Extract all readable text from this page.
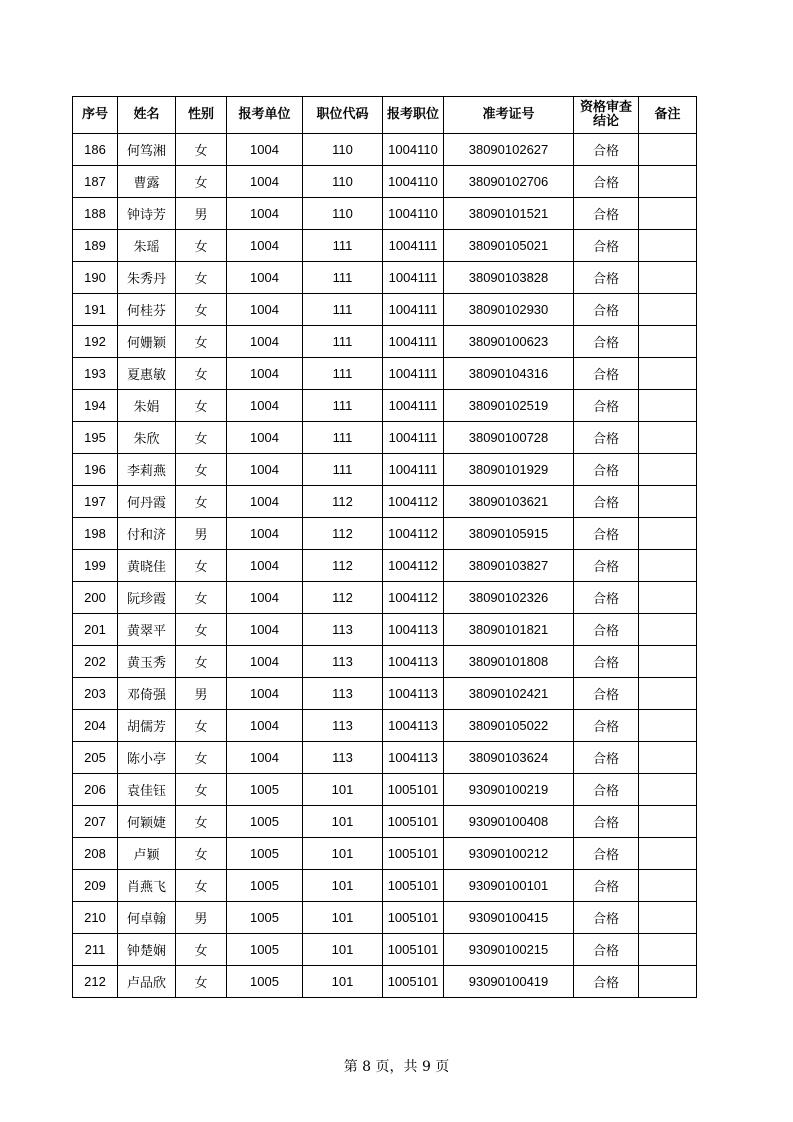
序号	姓名	性别	报考单位	职位代码	报考职位	准考证号	资格审查结论	备注
186	何笃湘	女	1004	110	1004110	38090102627	合格	
187	曹露	女	1004	110	1004110	38090102706	合格	
188	钟诗芳	男	1004	110	1004110	38090101521	合格	
189	朱瑶	女	1004	111	1004111	38090105021	合格	
190	朱秀丹	女	1004	111	1004111	38090103828	合格	
191	何桂芬	女	1004	111	1004111	38090102930	合格	
192	何姗颖	女	1004	111	1004111	38090100623	合格	
193	夏惠敏	女	1004	111	1004111	38090104316	合格	
194	朱娟	女	1004	111	1004111	38090102519	合格	
195	朱欣	女	1004	111	1004111	38090100728	合格	
196	李莉燕	女	1004	111	1004111	38090101929	合格	
197	何丹霞	女	1004	112	1004112	38090103621	合格	
198	付和济	男	1004	112	1004112	38090105915	合格	
199	黄晓佳	女	1004	112	1004112	38090103827	合格	
200	阮珍霞	女	1004	112	1004112	38090102326	合格	
201	黄翠平	女	1004	113	1004113	38090101821	合格	
202	黄玉秀	女	1004	113	1004113	38090101808	合格	
203	邓倚强	男	1004	113	1004113	38090102421	合格	
204	胡儒芳	女	1004	113	1004113	38090105022	合格	
205	陈小亭	女	1004	113	1004113	38090103624	合格	
206	袁佳钰	女	1005	101	1005101	93090100219	合格	
207	何颖婕	女	1005	101	1005101	93090100408	合格	
208	卢颖	女	1005	101	1005101	93090100212	合格	
209	肖燕飞	女	1005	101	1005101	93090100101	合格	
210	何卓翰	男	1005	101	1005101	93090100415	合格	
211	钟楚娴	女	1005	101	1005101	93090100215	合格	
212	卢品欣	女	1005	101	1005101	93090100419	合格	
第 8 页，共 9 页
